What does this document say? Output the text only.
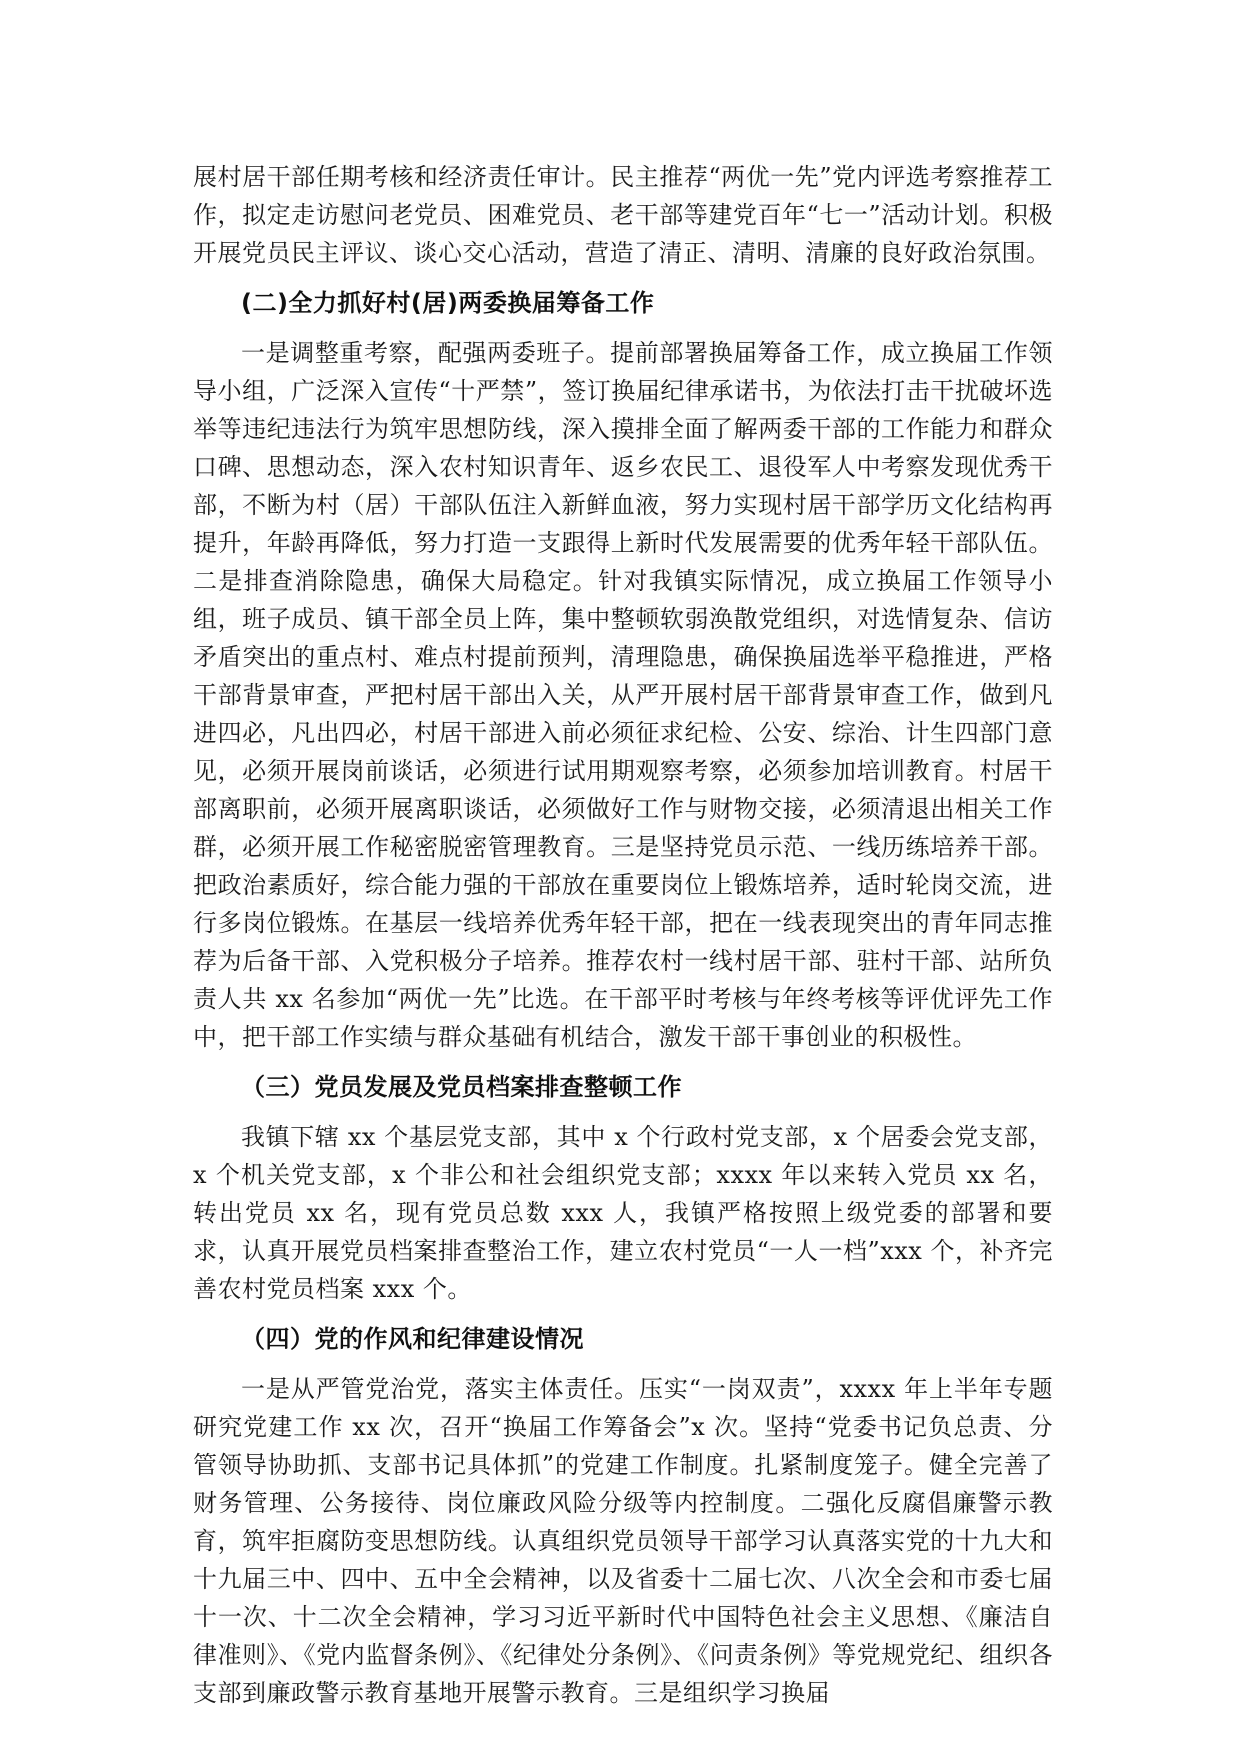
展村居干部任期考核和经济责任审计。民主推荐“两优一先”党内评选考察推荐工作，拟定走访慰问老党员、困难党员、老干部等建党百年“七一”活动计划。积极开展党员民主评议、谈心交心活动，营造了清正、清明、清廉的良好政治氛围。

(二)全力抓好村(居)两委换届筹备工作

一是调整重考察，配强两委班子。提前部署换届筹备工作，成立换届工作领导小组，广泛深入宣传“十严禁”，签订换届纪律承诺书，为依法打击干扰破坏选举等违纪违法行为筑牢思想防线，深入摸排全面了解两委干部的工作能力和群众口碑、思想动态，深入农村知识青年、返乡农民工、退役军人中考察发现优秀干部，不断为村（居）干部队伍注入新鲜血液，努力实现村居干部学历文化结构再提升，年龄再降低，努力打造一支跟得上新时代发展需要的优秀年轻干部队伍。二是排查消除隐患，确保大局稳定。针对我镇实际情况，成立换届工作领导小组，班子成员、镇干部全员上阵，集中整顿软弱涣散党组织，对选情复杂、信访矛盾突出的重点村、难点村提前预判，清理隐患，确保换届选举平稳推进，严格干部背景审查，严把村居干部出入关，从严开展村居干部背景审查工作，做到凡进四必，凡出四必，村居干部进入前必须征求纪检、公安、综治、计生四部门意见，必须开展岗前谈话，必须进行试用期观察考察，必须参加培训教育。村居干部离职前，必须开展离职谈话，必须做好工作与财物交接，必须清退出相关工作群，必须开展工作秘密脱密管理教育。三是坚持党员示范、一线历练培养干部。把政治素质好，综合能力强的干部放在重要岗位上锻炼培养，适时轮岗交流，进行多岗位锻炼。在基层一线培养优秀年轻干部，把在一线表现突出的青年同志推荐为后备干部、入党积极分子培养。推荐农村一线村居干部、驻村干部、站所负责人共 xx 名参加“两优一先”比选。在干部平时考核与年终考核等评优评先工作中，把干部工作实绩与群众基础有机结合，激发干部干事创业的积极性。

（三）党员发展及党员档案排查整顿工作

我镇下辖 xx 个基层党支部，其中 x 个行政村党支部，x 个居委会党支部，x 个机关党支部，x 个非公和社会组织党支部；xxxx 年以来转入党员 xx 名，转出党员 xx 名，现有党员总数 xxx 人，我镇严格按照上级党委的部署和要求，认真开展党员档案排查整治工作，建立农村党员“一人一档”xxx 个，补齐完善农村党员档案 xxx 个。

（四）党的作风和纪律建设情况

一是从严管党治党，落实主体责任。压实“一岗双责”，xxxx 年上半年专题研究党建工作 xx 次，召开“换届工作筹备会”x 次。坚持“党委书记负总责、分管领导协助抓、支部书记具体抓”的党建工作制度。扎紧制度笼子。健全完善了财务管理、公务接待、岗位廉政风险分级等内控制度。二强化反腐倡廉警示教育，筑牢拒腐防变思想防线。认真组织党员领导干部学习认真落实党的十九大和十九届三中、四中、五中全会精神，以及省委十二届七次、八次全会和市委七届十一次、十二次全会精神，学习习近平新时代中国特色社会主义思想、《廉洁自律准则》、《党内监督条例》、《纪律处分条例》、《问责条例》等党规党纪、组织各支部到廉政警示教育基地开展警示教育。三是组织学习换届
